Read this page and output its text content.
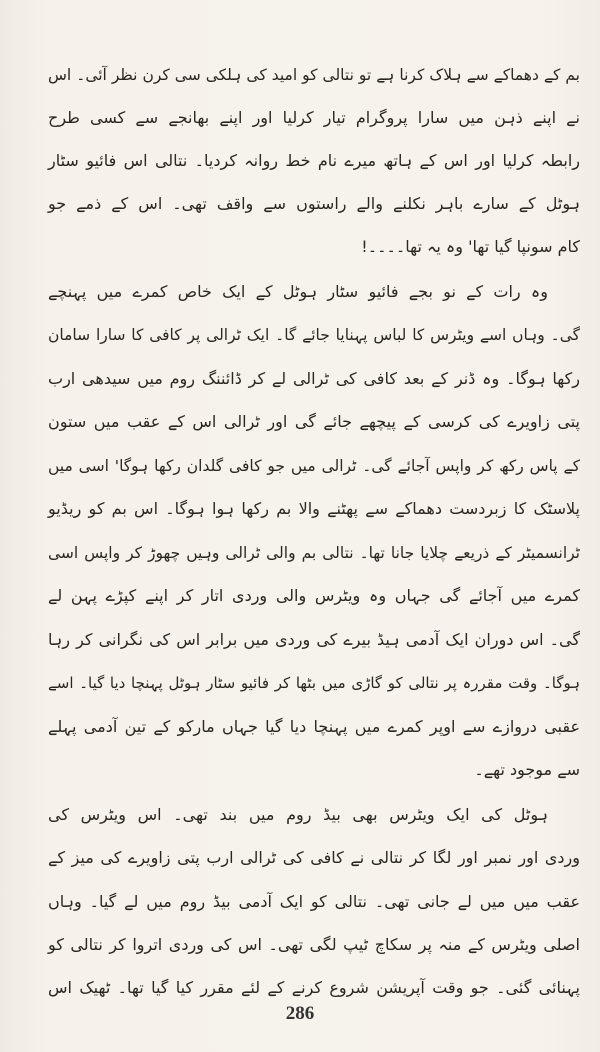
بم کے دھماکے سے ہلاک کرنا ہے تو نتالی کو امید کی ہلکی سی کرن نظر آئی۔ اس
نے اپنے ذہن میں سارا پروگرام تیار کرلیا اور اپنے بھانجے سے کسی طرح
رابطہ کرلیا اور اس کے ہاتھ میرے نام خط روانہ کردیا۔ نتالی اس فائیو سٹار
ہوٹل کے سارے باہر نکلنے والے راستوں سے واقف تھی۔ اس کے ذمے جو
کام سونپا گیا تھا' وہ یہ تھا۔۔۔۔!
وہ رات کے نو بجے فائیو سٹار ہوٹل کے ایک خاص کمرے میں پہنچے
گی۔ وہاں اسے ویٹرس کا لباس پہنایا جائے گا۔ ایک ٹرالی پر کافی کا سارا سامان
رکھا ہوگا۔ وہ ڈنر کے بعد کافی کی ٹرالی لے کر ڈائننگ روم میں سیدھی ارب
پتی زاویرے کی کرسی کے پیچھے جائے گی اور ٹرالی اس کے عقب میں ستون
کے پاس رکھ کر واپس آجائے گی۔ ٹرالی میں جو کافی گلدان رکھا ہوگا' اسی میں
پلاسٹک کا زبردست دھماکے سے پھٹنے والا بم رکھا ہوا ہوگا۔ اس بم کو ریڈیو
ٹرانسمیٹر کے ذریعے چلایا جانا تھا۔ نتالی بم والی ٹرالی وہیں چھوڑ کر واپس اسی
کمرے میں آجائے گی جہاں وہ ویٹرس والی وردی اتار کر اپنے کپڑے پہن لے
گی۔ اس دوران ایک آدمی ہیڈ بیرے کی وردی میں برابر اس کی نگرانی کر رہا
ہوگا۔ وقت مقررہ پر نتالی کو گاڑی میں بٹھا کر فائیو سٹار ہوٹل پہنچا دیا گیا۔ اسے
عقبی دروازے سے اوپر کمرے میں پہنچا دیا گیا جہاں مارکو کے تین آدمی پہلے
سے موجود تھے۔
ہوٹل کی ایک ویٹرس بھی بیڈ روم میں بند تھی۔ اس ویٹرس کی
وردی اور نمبر اور لگا کر نتالی نے کافی کی ٹرالی ارب پتی زاویرے کی میز کے
عقب میں میں لے جانی تھی۔ نتالی کو ایک آدمی بیڈ روم میں لے گیا۔ وہاں
اصلی ویٹرس کے منہ پر سکاچ ٹیپ لگی تھی۔ اس کی وردی اتروا کر نتالی کو
پہنائی گئی۔ جو وقت آپریشن شروع کرنے کے لئے مقرر کیا گیا تھا۔ ٹھیک اس
286
